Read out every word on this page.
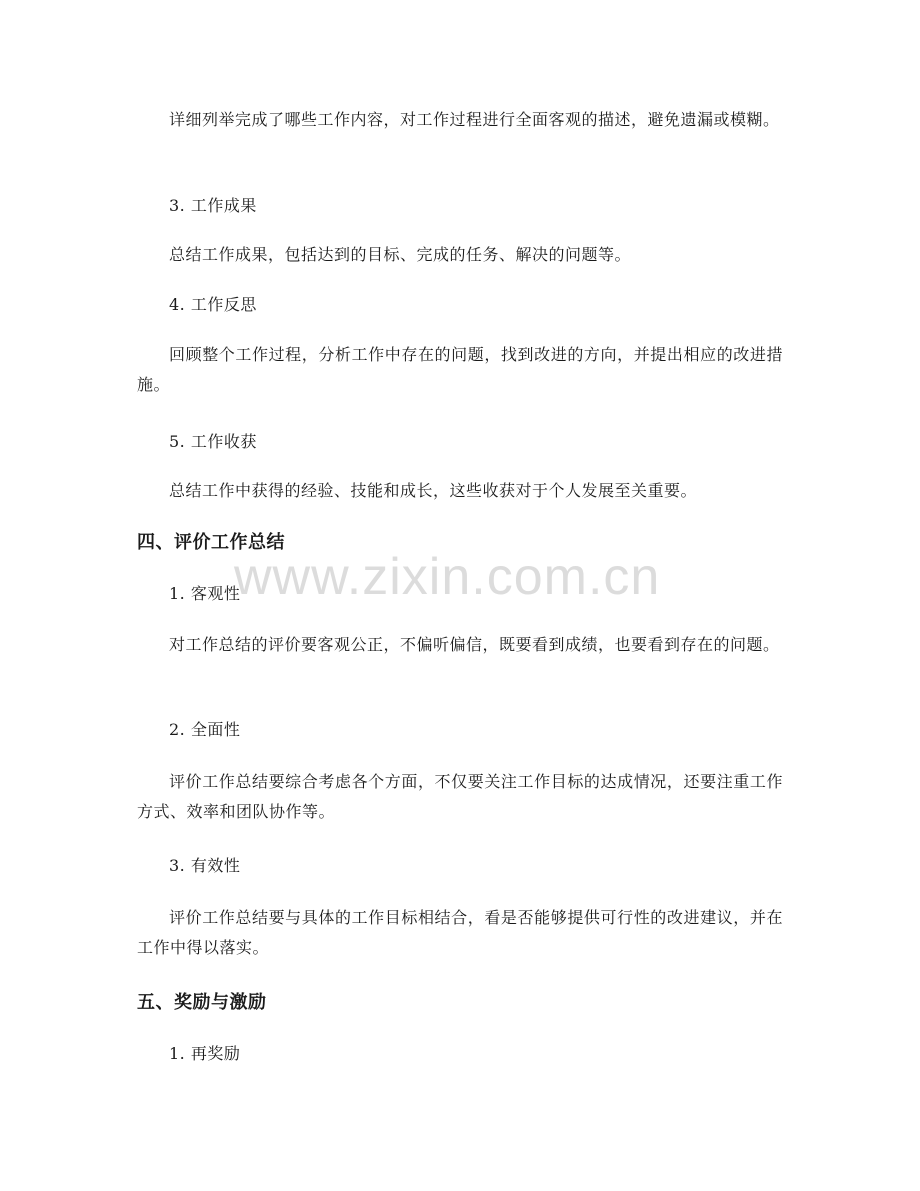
详细列举完成了哪些工作内容，对工作过程进行全面客观的描述，避免遗漏或模糊。

3. 工作成果

总结工作成果，包括达到的目标、完成的任务、解决的问题等。

4. 工作反思

回顾整个工作过程，分析工作中存在的问题，找到改进的方向，并提出相应的改进措施。

5. 工作收获

总结工作中获得的经验、技能和成长，这些收获对于个人发展至关重要。

四、评价工作总结

1. 客观性

对工作总结的评价要客观公正，不偏听偏信，既要看到成绩，也要看到存在的问题。

2. 全面性

评价工作总结要综合考虑各个方面，不仅要关注工作目标的达成情况，还要注重工作方式、效率和团队协作等。

3. 有效性

评价工作总结要与具体的工作目标相结合，看是否能够提供可行性的改进建议，并在工作中得以落实。

五、奖励与激励

1. 再奖励

www.zixin.com.cn
